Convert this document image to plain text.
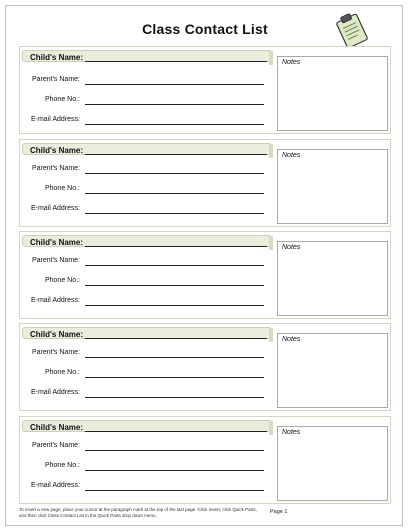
Class Contact List
Child's Name:
Parent's Name:
Phone No.:
E-mail Address:
Notes
Child's Name:
Parent's Name:
Phone No.:
E-mail Address:
Notes
Child's Name:
Parent's Name:
Phone No.:
E-mail Address:
Notes
Child's Name:
Parent's Name:
Phone No.:
E-mail Address:
Notes
Child's Name:
Parent's Name:
Phone No.:
E-mail Address:
Notes
To insert a new page, place your cursor at the paragraph mark at the top of the last page. Click Insert, click Quick Parts, and then click Class Contact List in the Quick Parts drop down menu.
Page 1
